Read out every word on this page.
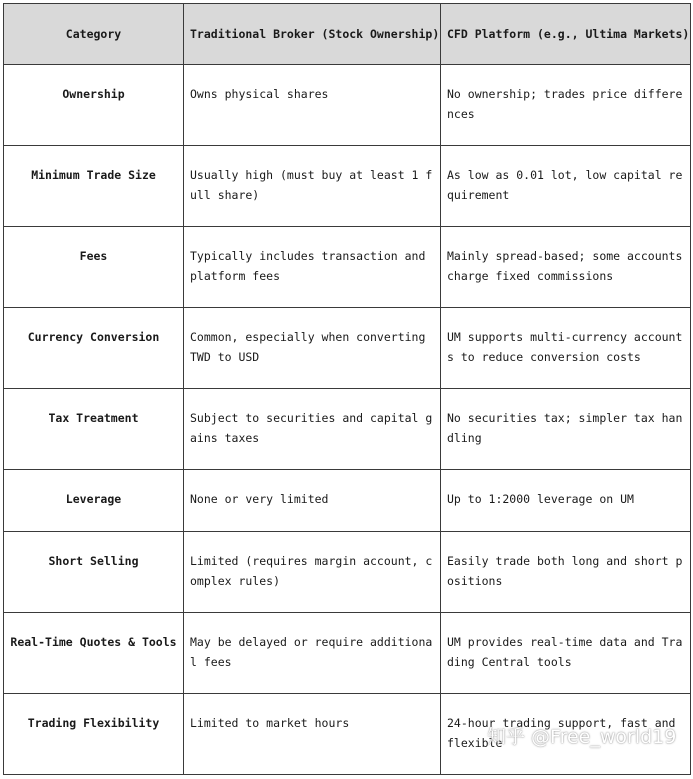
Category	Traditional Broker (Stock Ownership)	CFD Platform (e.g., Ultima Markets)
Ownership	Owns physical shares	No ownership; trades price differences
Minimum Trade Size	Usually high (must buy at least 1 full share)	As low as 0.01 lot, low capital requirement
Fees	Typically includes transaction and platform fees	Mainly spread-based; some accounts charge fixed commissions
Currency Conversion	Common, especially when converting TWD to USD	UM supports multi-currency accounts to reduce conversion costs
Tax Treatment	Subject to securities and capital gains taxes	No securities tax; simpler tax handling
Leverage	None or very limited	Up to 1:2000 leverage on UM
Short Selling	Limited (requires margin account, complex rules)	Easily trade both long and short positions
Real-Time Quotes & Tools	May be delayed or require additional fees	UM provides real-time data and Trading Central tools
Trading Flexibility	Limited to market hours	24-hour trading support, fast and flexible
知乎 @Free_world19
